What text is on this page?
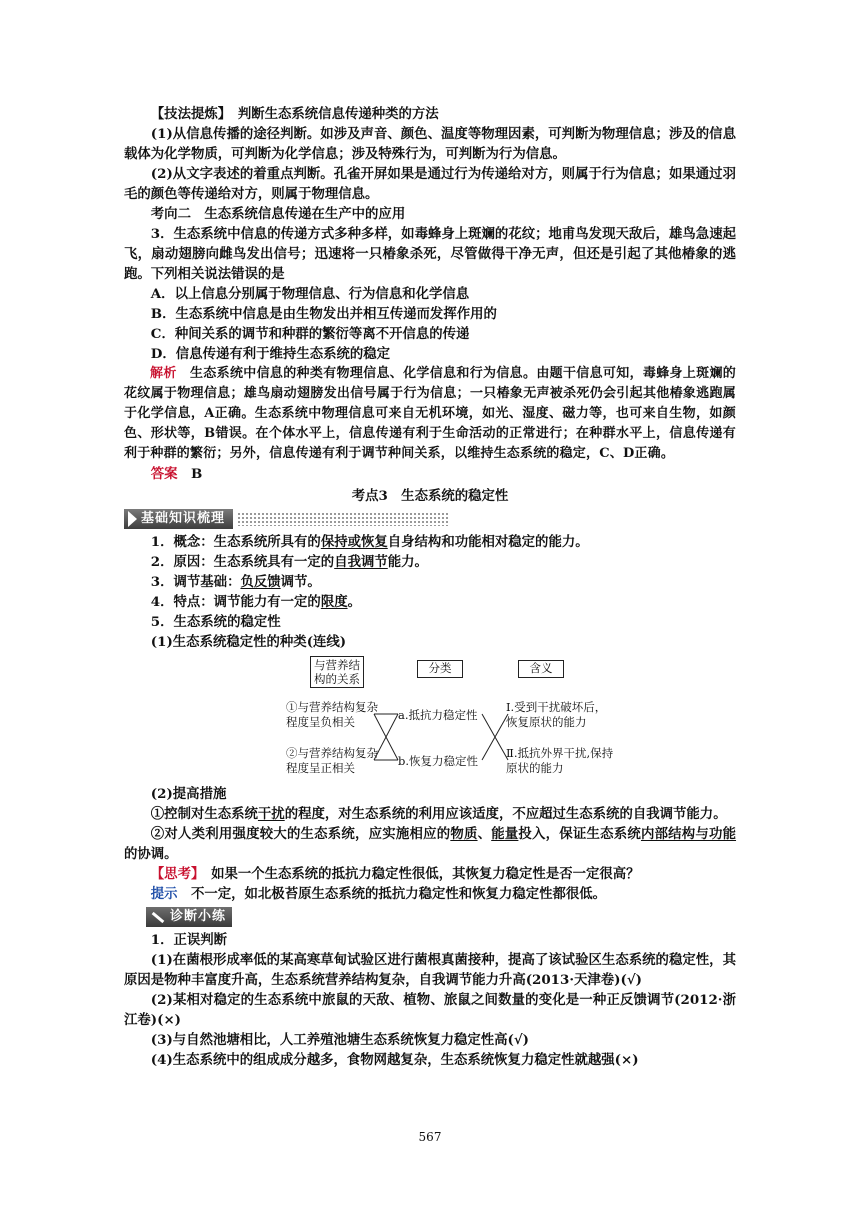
【技法提炼】　 判断生态系统信息传递种类的方法

(1)从信息传播的途径判断。如涉及声音、颜色、温度等物理因素，可判断为物理信息；涉及的信息载体为化学物质，可判断为化学信息；涉及特殊行为，可判断为行为信息。

(2)从文字表述的着重点判断。孔雀开屏如果是通过行为传递给对方，则属于行为信息；如果通过羽毛的颜色等传递给对方，则属于物理信息。

考向二　生态系统信息传递在生产中的应用

3．生态系统中信息的传递方式多种多样，如毒蜂身上斑斓的花纹；地甫鸟发现天敌后，雄鸟急速起飞，扇动翅膀向雌鸟发出信号；迅速将一只椿象杀死，尽管做得干净无声，但还是引起了其他椿象的逃跑。下列相关说法错误的是

A．以上信息分别属于物理信息、行为信息和化学信息

B．生态系统中信息是由生物发出并相互传递而发挥作用的

C．种间关系的调节和种群的繁衍等离不开信息的传递

D．信息传递有利于维持生态系统的稳定

解析　 生态系统中信息的种类有物理信息、化学信息和行为信息。由题干信息可知，毒蜂身上斑斓的花纹属于物理信息；雄鸟扇动翅膀发出信号属于行为信息；一只椿象无声被杀死仍会引起其他椿象逃跑属于化学信息，A正确。生态系统中物理信息可来自无机环境，如光、湿度、磁力等，也可来自生物，如颜色、形状等，B错误。在个体水平上，信息传递有利于生命活动的正常进行；在种群水平上，信息传递有利于种群的繁衍；另外，信息传递有利于调节种间关系，以维持生态系统的稳定，C、D正确。

答案　 B

考点3　生态系统的稳定性

基础知识梳理

1．概念：生态系统所具有的保持或恢复自身结构和功能相对稳定的能力。

2．原因：生态系统具有一定的自我调节能力。

3．调节基础：负反馈调节。

4．特点：调节能力有一定的限度。

5．生态系统的稳定性

(1)生态系统稳定性的种类(连线)

与营养结构的关系
分类	含义
①与营养结构复杂程度呈负相关
②与营养结构复杂程度呈正相关
a.抵抗力稳定性
b.恢复力稳定性
Ⅰ.受到干扰破坏后，恢复原状的能力
Ⅱ.抵抗外界干扰,保持原状的能力

(2)提高措施

①控制对生态系统干扰的程度，对生态系统的利用应该适度，不应超过生态系统的自我调节能力。

②对人类利用强度较大的生态系统，应实施相应的物质、能量投入，保证生态系统内部结构与功能的协调。

【思考】　 如果一个生态系统的抵抗力稳定性很低，其恢复力稳定性是否一定很高？

提示　 不一定，如北极苔原生态系统的抵抗力稳定性和恢复力稳定性都很低。

诊断小练

1．正误判断

(1)在菌根形成率低的某高寒草甸试验区进行菌根真菌接种，提高了该试验区生态系统的稳定性，其原因是物种丰富度升高，生态系统营养结构复杂，自我调节能力升高(2013·天津卷)(√)

(2)某相对稳定的生态系统中旅鼠的天敌、植物、旅鼠之间数量的变化是一种正反馈调节(2012·浙江卷)(×)

(3)与自然池塘相比，人工养殖池塘生态系统恢复力稳定性高(√)

(4)生态系统中的组成成分越多，食物网越复杂，生态系统恢复力稳定性就越强(×)

567
